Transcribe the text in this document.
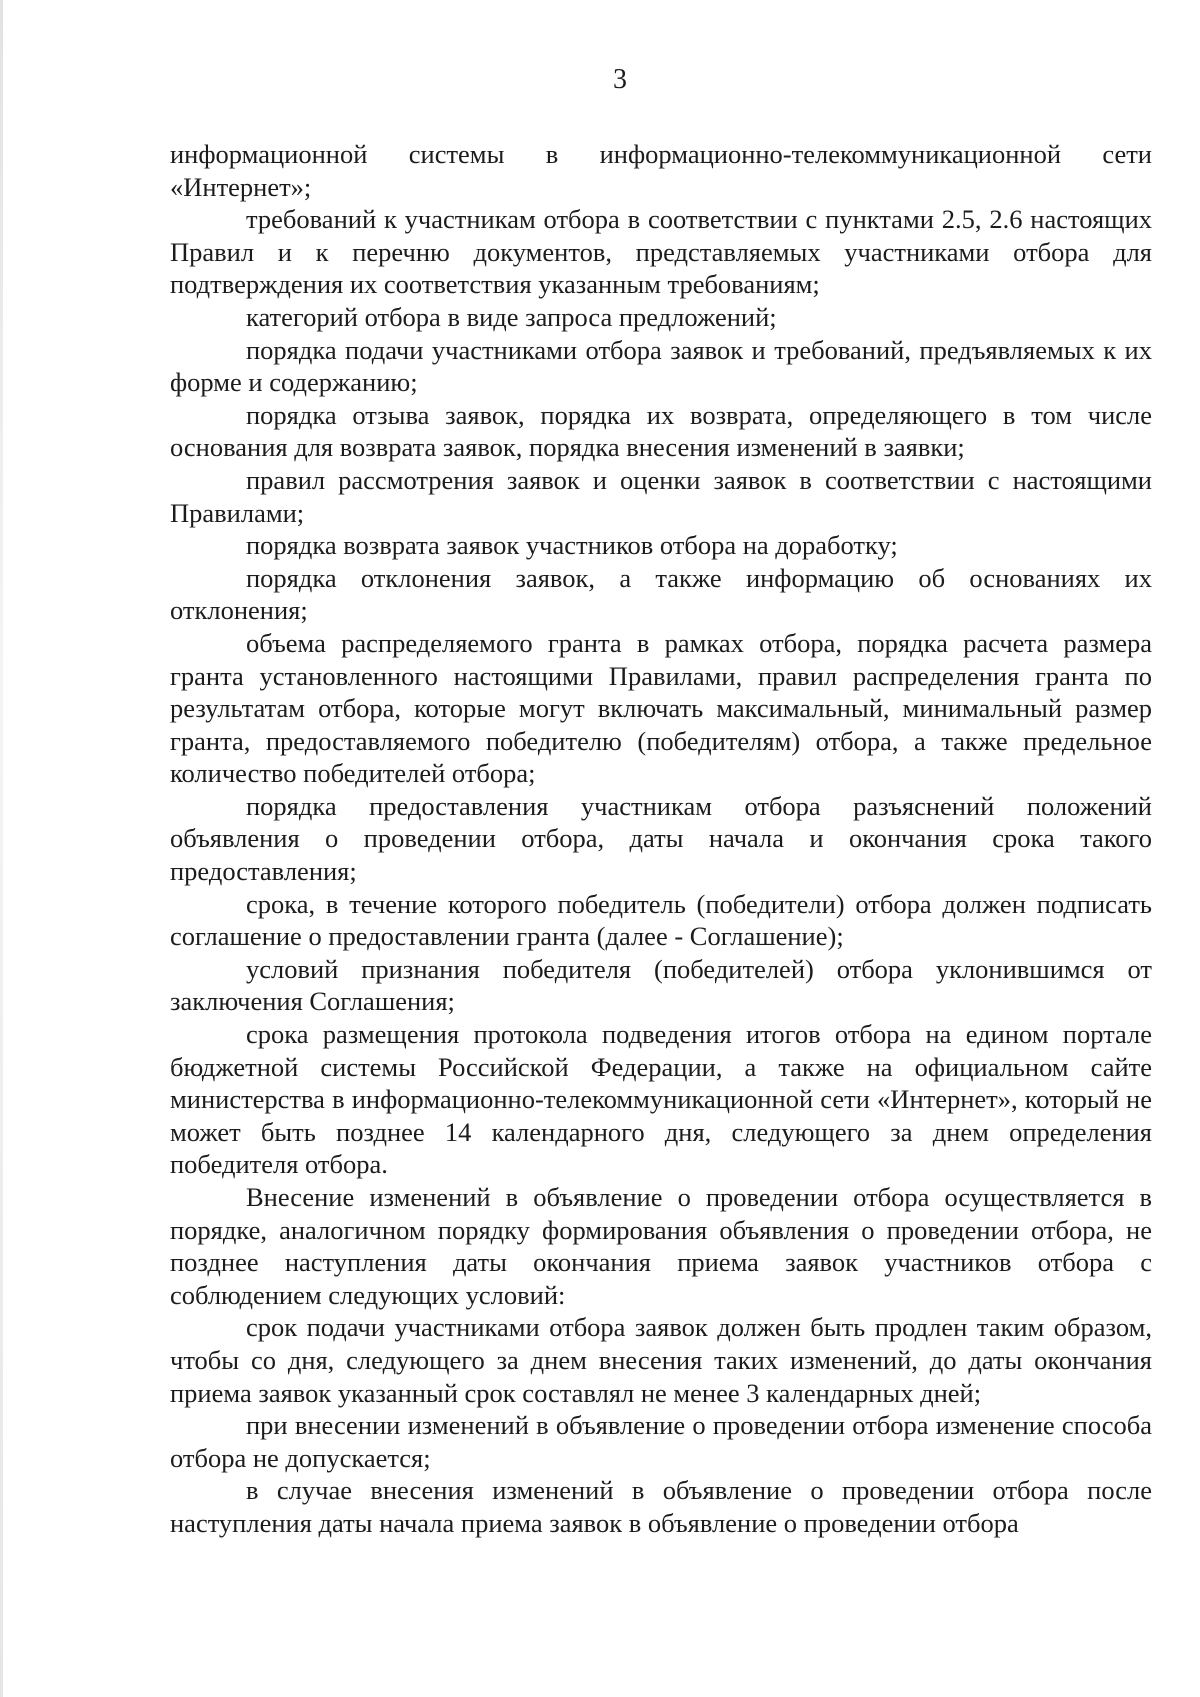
3

информационной системы в информационно-телекоммуникационной сети «Интернет»;

требований к участникам отбора в соответствии с пунктами 2.5, 2.6 настоящих Правил и к перечню документов, представляемых участниками отбора для подтверждения их соответствия указанным требованиям;

категорий отбора в виде запроса предложений;

порядка подачи участниками отбора заявок и требований, предъявляемых к их форме и содержанию;

порядка отзыва заявок, порядка их возврата, определяющего в том числе основания для возврата заявок, порядка внесения изменений в заявки;

правил рассмотрения заявок и оценки заявок в соответствии с настоящими Правилами;

порядка возврата заявок участников отбора на доработку;

порядка отклонения заявок, а также информацию об основаниях их отклонения;

объема распределяемого гранта в рамках отбора, порядка расчета размера гранта установленного настоящими Правилами, правил распределения гранта по результатам отбора, которые могут включать максимальный, минимальный размер гранта, предоставляемого победителю (победителям) отбора, а также предельное количество победителей отбора;

порядка предоставления участникам отбора разъяснений положений объявления о проведении отбора, даты начала и окончания срока такого предоставления;

срока, в течение которого победитель (победители) отбора должен подписать соглашение о предоставлении гранта (далее - Соглашение);

условий признания победителя (победителей) отбора уклонившимся от заключения Соглашения;

срока размещения протокола подведения итогов отбора на едином портале бюджетной системы Российской Федерации, а также на официальном сайте министерства в информационно-телекоммуникационной сети «Интернет», который не может быть позднее 14 календарного дня, следующего за днем определения победителя отбора.

Внесение изменений в объявление о проведении отбора осуществляется в порядке, аналогичном порядку формирования объявления о проведении отбора, не позднее наступления даты окончания приема заявок участников отбора с соблюдением следующих условий:

срок подачи участниками отбора заявок должен быть продлен таким образом, чтобы со дня, следующего за днем внесения таких изменений, до даты окончания приема заявок указанный срок составлял не менее 3 календарных дней;

при внесении изменений в объявление о проведении отбора изменение способа отбора не допускается;

в случае внесения изменений в объявление о проведении отбора после наступления даты начала приема заявок в объявление о проведении отбора
